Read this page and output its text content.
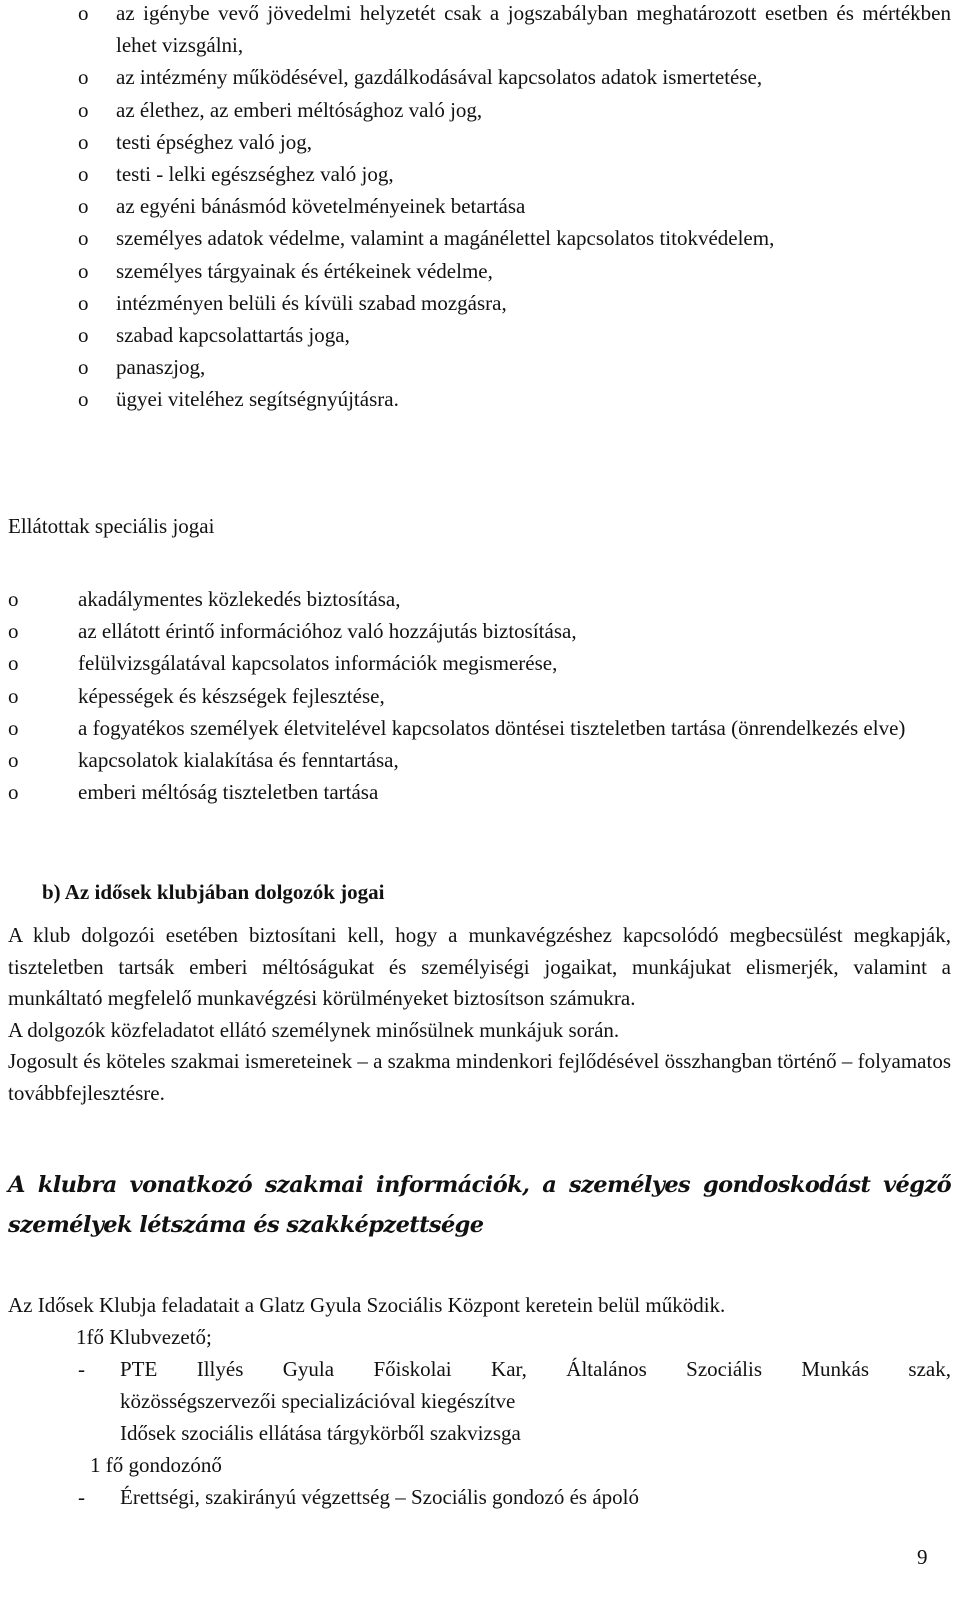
o	az igénybe vevő jövedelmi helyzetét csak a jogszabályban meghatározott esetben és mértékben lehet vizsgálni,
o	az intézmény működésével, gazdálkodásával kapcsolatos adatok ismertetése,
o	az élethez, az emberi méltósághoz való jog,
o	testi épséghez való jog,
o	testi - lelki egészséghez való jog,
o	az egyéni bánásmód követelményeinek betartása
o	személyes adatok védelme, valamint a magánélettel kapcsolatos titokvédelem,
o	személyes tárgyainak és értékeinek védelme,
o	intézményen belüli és kívüli szabad mozgásra,
o	szabad kapcsolattartás joga,
o	panaszjog,
o	ügyei viteléhez segítségnyújtásra.
Ellátottak speciális jogai
o	akadálymentes közlekedés biztosítása,
o	az ellátott érintő információhoz való hozzájutás biztosítása,
o	felülvizsgálatával kapcsolatos információk megismerése,
o	képességek és készségek fejlesztése,
o	a fogyatékos személyek életvitelével kapcsolatos döntései tiszteletben tartása (önrendelkezés elve)
o	kapcsolatok kialakítása és fenntartása,
o	emberi méltóság tiszteletben tartása
b) Az idősek klubjában dolgozók jogai

A klub dolgozói esetében biztosítani kell, hogy a munkavégzéshez kapcsolódó megbecsülést megkapják, tiszteletben tartsák emberi méltóságukat és személyiségi jogaikat, munkájukat elismerjék, valamint a munkáltató megfelelő munkavégzési körülményeket biztosítson számukra.

A dolgozók közfeladatot ellátó személynek minősülnek munkájuk során.

Jogosult és köteles szakmai ismereteinek – a szakma mindenkori fejlődésével összhangban történő – folyamatos továbbfejlesztésre.

A klubra vonatkozó szakmai információk, a személyes gondoskodást végző
személyek létszáma és szakképzettsége
Az Idősek Klubja feladatait a Glatz Gyula Szociális Központ keretein belül működik.
1fő Klubvezető;
-	PTE Illyés Gyula Főiskolai Kar, Általános Szociális Munkás szak,
közösségszervezői specializációval kiegészítve
Idősek szociális ellátása tárgykörből szakvizsga
1 fő gondozónő
-	Érettségi, szakirányú végzettség – Szociális gondozó és ápoló
9
